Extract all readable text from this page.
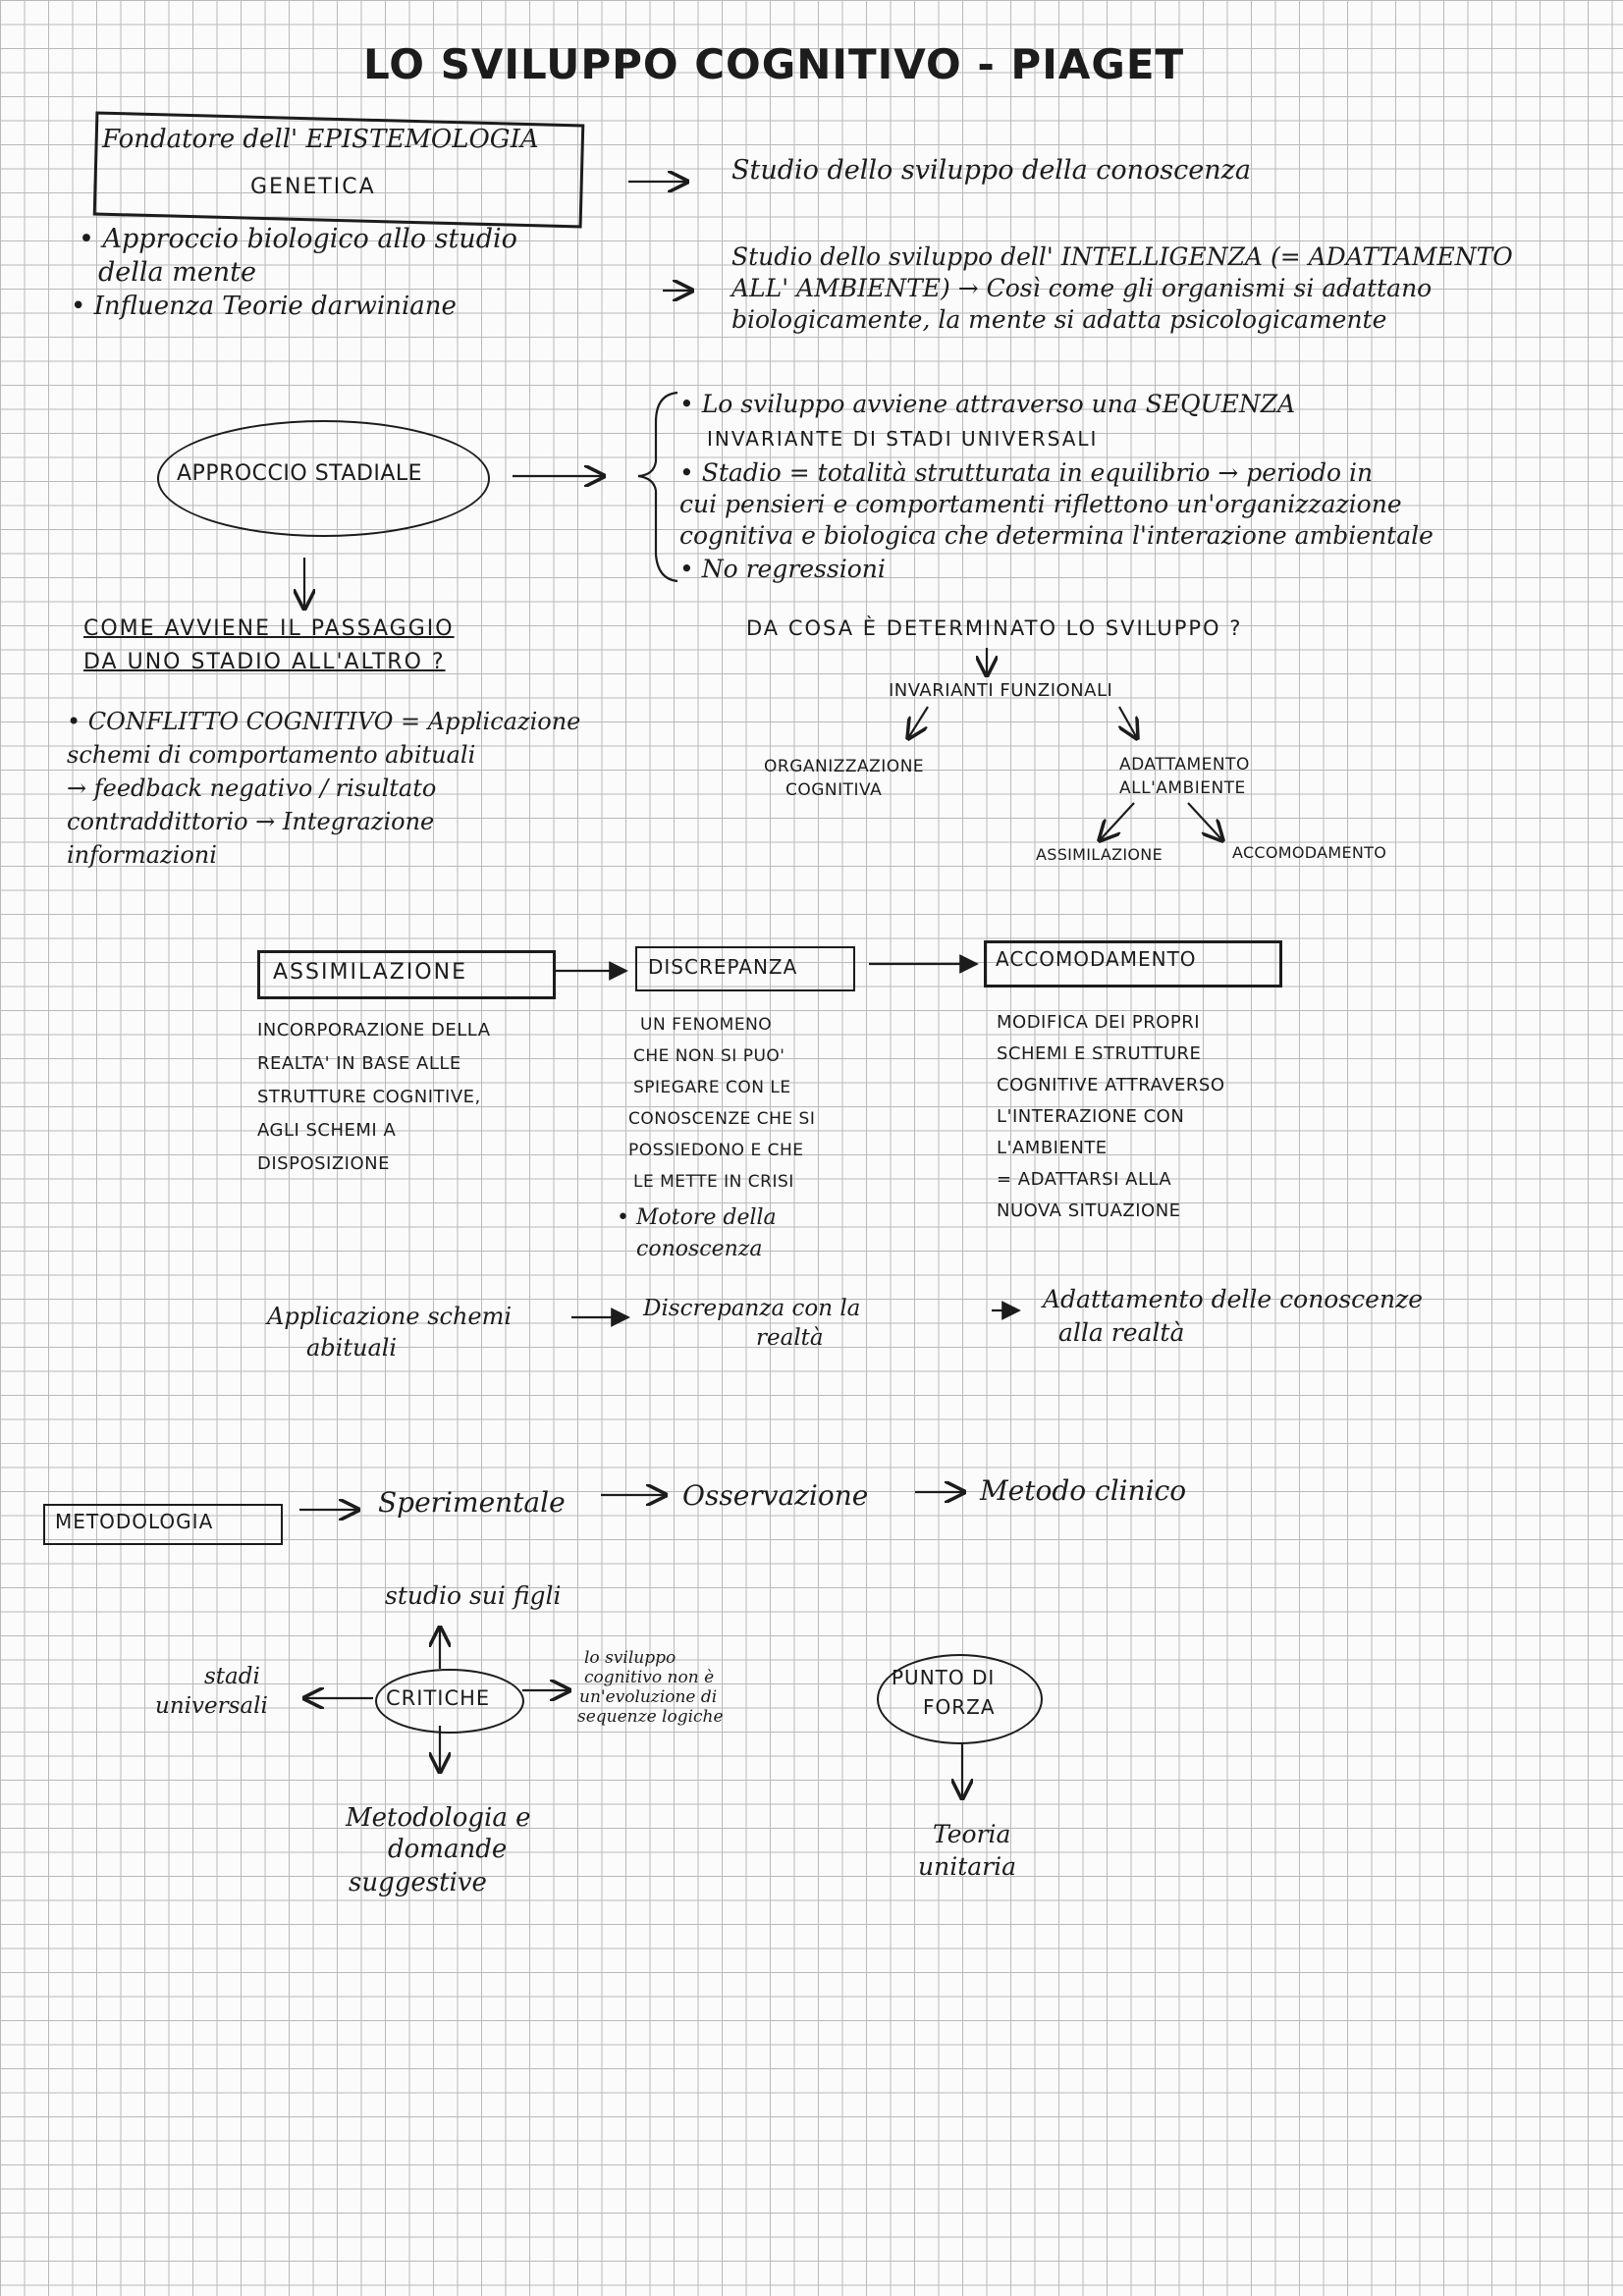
LO SVILUPPO COGNITIVO - PIAGET
Fondatore dell' EPISTEMOLOGIA
GENETICA
Studio dello sviluppo della conoscenza
• Approccio biologico allo studio
della mente
• Influenza Teorie darwiniane
Studio dello sviluppo dell' INTELLIGENZA (= ADATTAMENTO
ALL' AMBIENTE) → Così come gli organismi si adattano
biologicamente, la mente si adatta psicologicamente
APPROCCIO STADIALE
• Lo sviluppo avviene attraverso una SEQUENZA
INVARIANTE DI STADI UNIVERSALI
• Stadio = totalità strutturata in equilibrio → periodo in
cui pensieri e comportamenti riflettono un'organizzazione
cognitiva e biologica che determina l'interazione ambientale
• No regressioni
COME AVVIENE IL PASSAGGIO
DA UNO STADIO ALL'ALTRO ?
• CONFLITTO COGNITIVO = Applicazione
schemi di comportamento abituali
→ feedback negativo / risultato
contraddittorio → Integrazione
informazioni
DA COSA È DETERMINATO LO SVILUPPO ?
INVARIANTI FUNZIONALI
ORGANIZZAZIONE
COGNITIVA
ADATTAMENTO
ALL'AMBIENTE
ASSIMILAZIONE	ACCOMODAMENTO
ASSIMILAZIONE	DISCREPANZA	ACCOMODAMENTO
INCORPORAZIONE DELLA
REALTA' IN BASE ALLE
STRUTTURE COGNITIVE,
AGLI SCHEMI A
DISPOSIZIONE
UN FENOMENO
CHE NON SI PUO'
SPIEGARE CON LE
CONOSCENZE CHE SI
POSSIEDONO E CHE
LE METTE IN CRISI
• Motore della
conoscenza
MODIFICA DEI PROPRI
SCHEMI E STRUTTURE
COGNITIVE ATTRAVERSO
L'INTERAZIONE CON
L'AMBIENTE
= ADATTARSI ALLA
NUOVA SITUAZIONE
Applicazione schemi
abituali
Discrepanza con la
realtà
Adattamento delle conoscenze
alla realtà
METODOLOGIA
Sperimentale	Osservazione	Metodo clinico
CRITICHE
studio sui figli
stadi
universali
lo sviluppo
cognitivo non è
un'evoluzione di
sequenze logiche
Metodologia e
domande
suggestive
PUNTO DI
FORZA
Teoria
unitaria
